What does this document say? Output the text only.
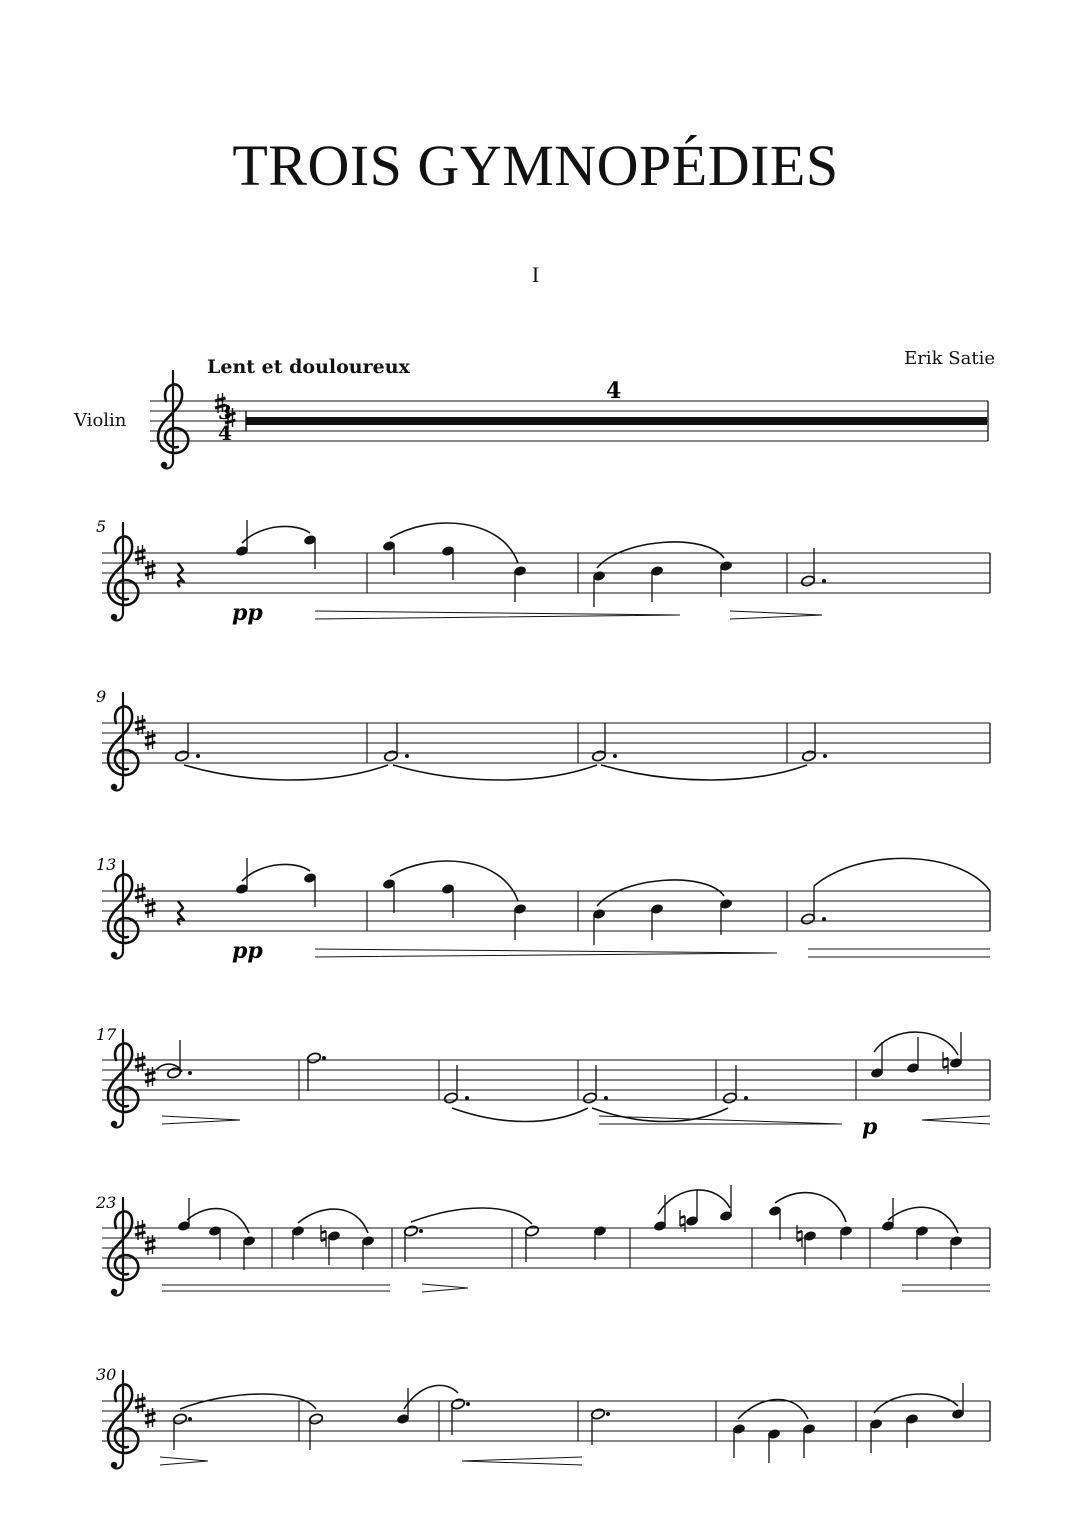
TROIS GYMNOPÉDIES
I
Erik Satie
Lent et douloureux
Violin	3
4
4
5
pp
9
13
pp
17
p
23
30
